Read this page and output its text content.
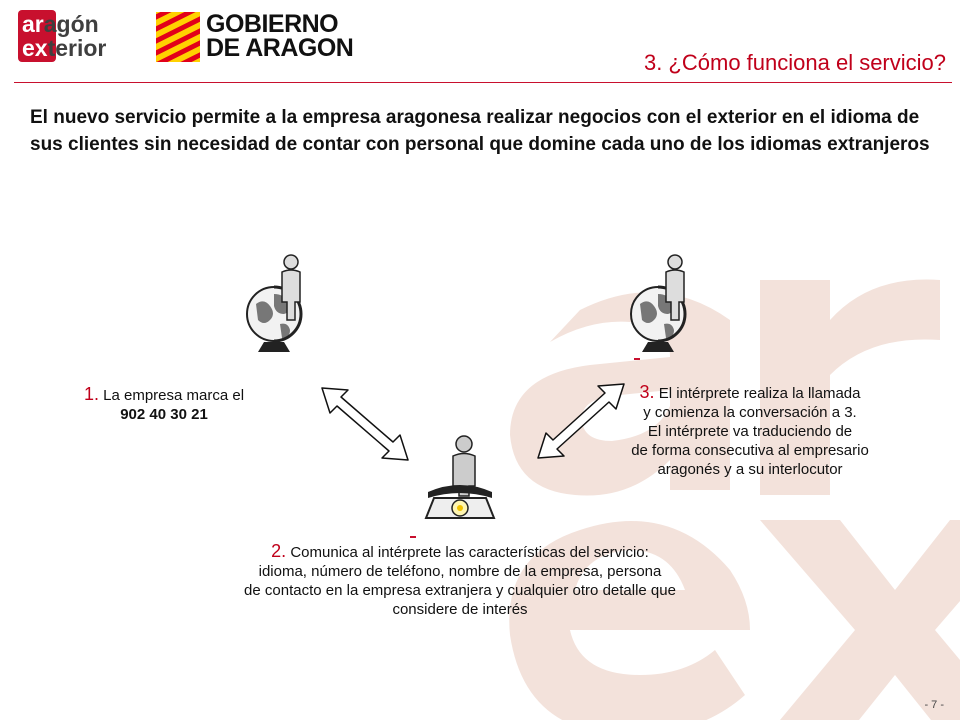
aragón
exterior
GOBIERNO
DE ARAGON
3. ¿Cómo funciona el servicio?
El nuevo servicio permite a la empresa aragonesa realizar negocios con el exterior en el idioma de sus clientes sin necesidad de contar con personal que domine cada uno de los idiomas extranjeros
1. La empresa marca el
902 40 30 21
3. El intérprete realiza la llamada
y comienza la conversación a 3.
El intérprete va traduciendo de
de forma consecutiva al empresario
aragonés y a su interlocutor
2. Comunica al intérprete las características del servicio:
idioma, número de teléfono, nombre de la empresa, persona
de contacto en la empresa extranjera y cualquier otro detalle que
considere de interés
- 7 -
